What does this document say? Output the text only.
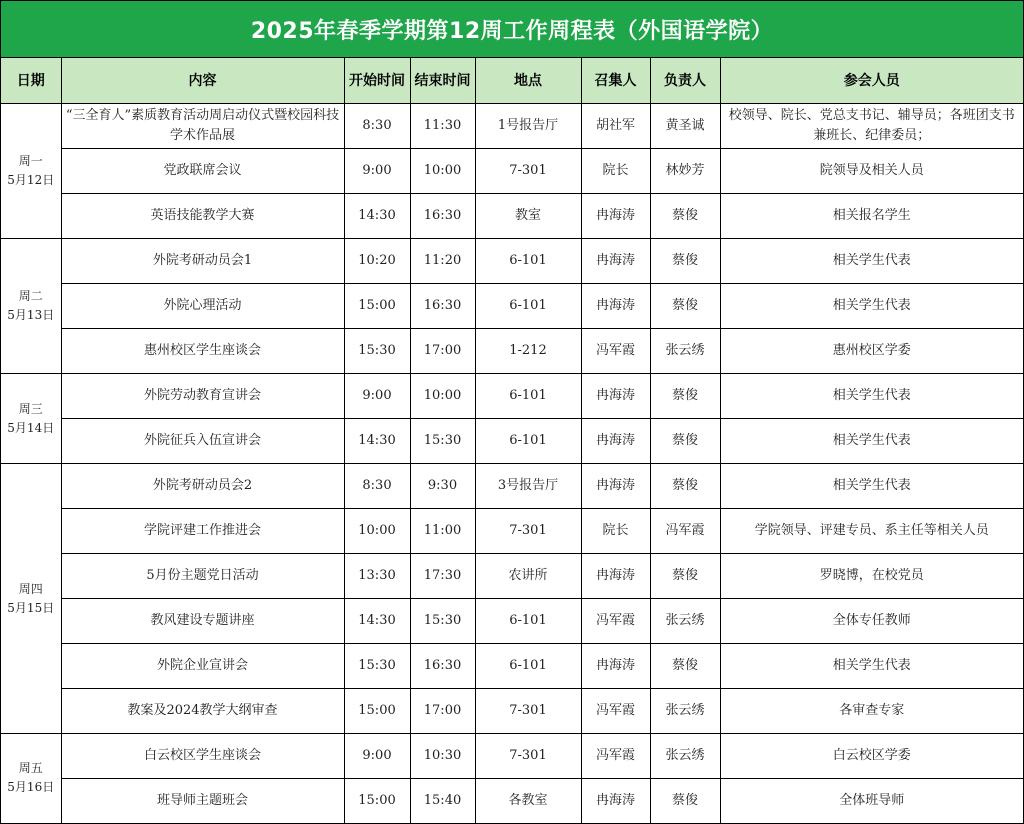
2025年春季学期第12周工作周程表（外国语学院）
日期	内容	开始时间	结束时间	地点	召集人	负责人	参会人员

周一
5月12日	“三全育人”素质教育活动周启动仪式暨校园科技学术作品展	8:30	11:30	1号报告厅	胡社军	黄圣诚	校领导、院长、党总支书记、辅导员；各班团支书兼班长、纪律委员；
	党政联席会议	9:00	10:00	7-301	院长	林妙芳	院领导及相关人员
	英语技能教学大赛	14:30	16:30	教室	冉海涛	蔡俊	相关报名学生

周二
5月13日	外院考研动员会1	10:20	11:20	6-101	冉海涛	蔡俊	相关学生代表
	外院心理活动	15:00	16:30	6-101	冉海涛	蔡俊	相关学生代表
	惠州校区学生座谈会	15:30	17:00	1-212	冯军霞	张云绣	惠州校区学委

周三
5月14日	外院劳动教育宣讲会	9:00	10:00	6-101	冉海涛	蔡俊	相关学生代表
	外院征兵入伍宣讲会	14:30	15:30	6-101	冉海涛	蔡俊	相关学生代表

周四
5月15日	外院考研动员会2	8:30	9:30	3号报告厅	冉海涛	蔡俊	相关学生代表
	学院评建工作推进会	10:00	11:00	7-301	院长	冯军霞	学院领导、评建专员、系主任等相关人员
	5月份主题党日活动	13:30	17:30	农讲所	冉海涛	蔡俊	罗晓博，在校党员
	教风建设专题讲座	14:30	15:30	6-101	冯军霞	张云绣	全体专任教师
	外院企业宣讲会	15:30	16:30	6-101	冉海涛	蔡俊	相关学生代表
	教案及2024教学大纲审查	15:00	17:00	7-301	冯军霞	张云绣	各审查专家

周五
5月16日	白云校区学生座谈会	9:00	10:30	7-301	冯军霞	张云绣	白云校区学委
	班导师主题班会	15:00	15:40	各教室	冉海涛	蔡俊	全体班导师
